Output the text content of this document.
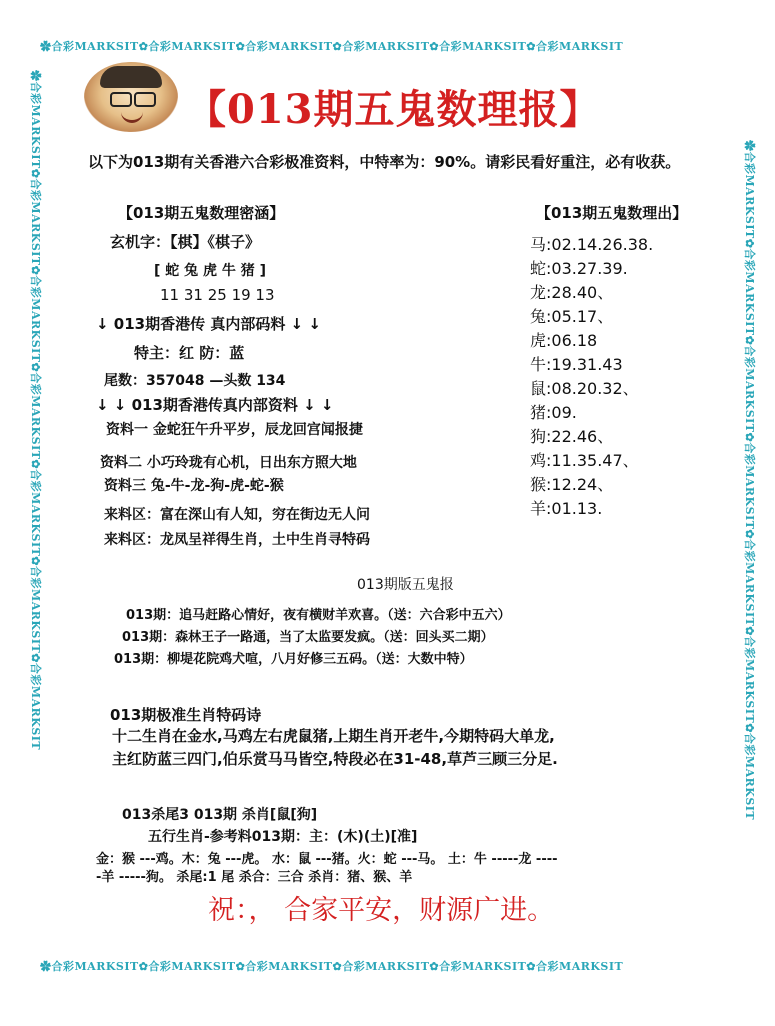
✿合彩MARKSIT✿合彩MARKSIT✿合彩MARKSIT✿合彩MARKSIT✿合彩MARKSIT✿合彩MARKSIT
✿合彩MARKSIT✿合彩MARKSIT✿合彩MARKSIT✿合彩MARKSIT✿合彩MARKSIT✿合彩MARKSIT
✿合彩MARKSIT✿合彩MARKSIT✿合彩MARKSIT✿合彩MARKSIT✿合彩MARKSIT✿合彩MARKSIT✿合彩MARKSIT	✿合彩MARKSIT✿合彩MARKSIT✿合彩MARKSIT✿合彩MARKSIT✿合彩MARKSIT✿合彩MARKSIT✿合彩MARKSIT
【013期五鬼数理报】
以下为013期有关香港六合彩极准资料，中特率为：90%。请彩民看好重注，必有收获。
【013期五鬼数理密涵】
玄机字：【棋】《棋子》
[ 蛇 兔 虎 牛 猪 ]
11 31 25 19 13
↓ 013期香港传 真内部码料 ↓ ↓
特主：红 防：蓝
尾数：357048 —头数 134
↓ ↓ 013期香港传真内部资料 ↓ ↓
资料一 金蛇狂午升平岁，辰龙回宫闻报捷
资料二 小巧玲珑有心机，日出东方照大地
资料三 兔-牛-龙-狗-虎-蛇-猴
来料区：富在深山有人知，穷在街边无人问
来料区：龙凤呈祥得生肖，土中生肖寻特码
【013期五鬼数理出】
马:02.14.26.38.
蛇:03.27.39.
龙:28.40、
兔:05.17、
虎:06.18
牛:19.31.43
鼠:08.20.32、
猪:09.
狗:22.46、
鸡:11.35.47、
猴:12.24、
羊:01.13.
013期版五鬼报
013期：追马赶路心情好，夜有横财羊欢喜。（送：六合彩中五六）
013期：森林王子一路通，当了太监要发疯。（送：回头买二期）
013期：柳堤花院鸡犬喧，八月好修三五码。（送：大数中特）
013期极准生肖特码诗
十二生肖在金水,马鸡左右虎鼠猪,上期生肖开老牛,今期特码大单龙,
主红防蓝三四门,伯乐赏马马皆空,特段必在31-48,草芦三顾三分足.
013杀尾3 013期 杀肖[鼠[狗]
五行生肖-参考料013期：主：(木)(土)[准]
金：猴 ---鸡。木：兔 ---虎。 水：鼠 ---猪。火：蛇 ---马。 土：牛 -----龙 ----
-羊 -----狗。 杀尾:1 尾 杀合：三合 杀肖：猪、猴、羊
祝：， 合家平安，财源广进。
